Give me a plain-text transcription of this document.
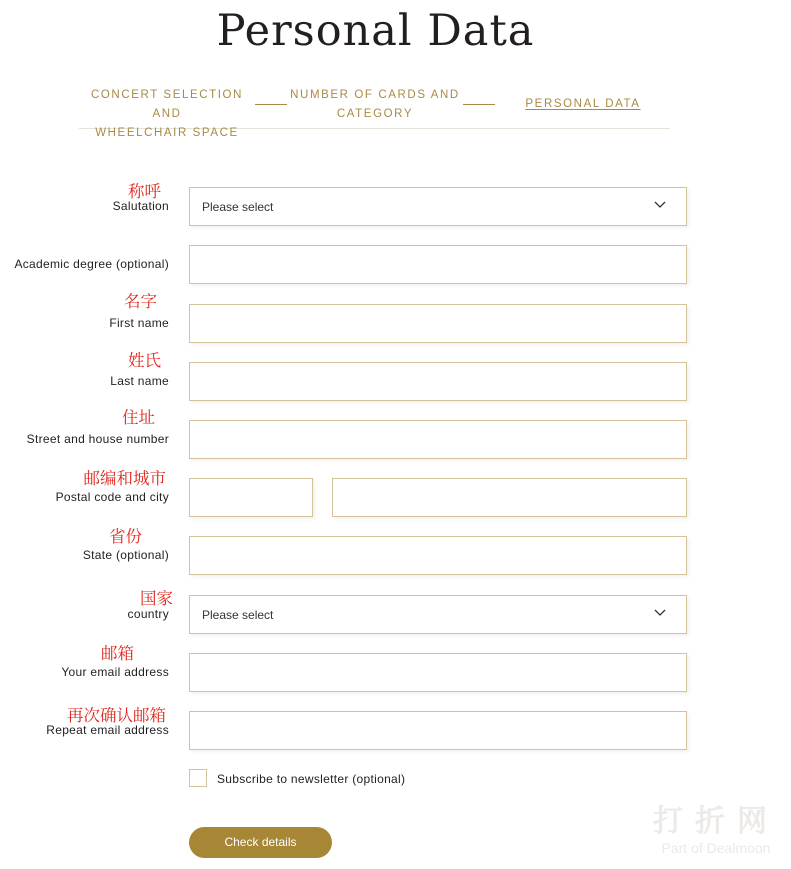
Personal Data
CONCERT SELECTION AND
WHEELCHAIR SPACE
NUMBER OF CARDS AND
CATEGORY
PERSONAL DATA
称呼
Salutation	Please select
Academic degree (optional)
名字
First name
姓氏
Last name
住址
Street and house number
邮编和城市
Postal code and city
省份
State (optional)
国家
country	Please select
邮箱
Your email address
再次确认邮箱
Repeat email address
Subscribe to newsletter (optional)
Check details
打折网
Part of Dealmoon
